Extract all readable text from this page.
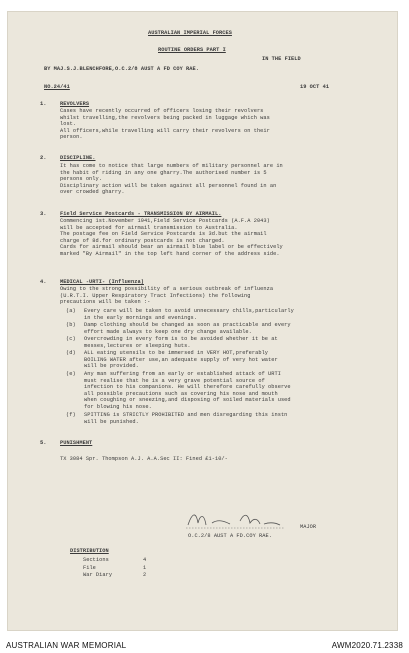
AUSTRALIAN IMPERIAL FORCES
ROUTINE ORDERS PART I
IN THE FIELD
BY MAJ.S.J.BLENCHFORE,O.C.2/8 AUST A FD COY RAE.
NO.24/41	19 OCT 41
1.	REVOLVERS
Cases have recently occurred of officers losing their revolvers
whilst travelling,the revolvers being packed in luggage which was
lost.
All officers,while travelling will carry their revolvers on their
person.
2.	DISCIPLINE.
It has come to notice that large numbers of military personnel are in
the habit of riding in any one gharry.The authorised number is 5
persons only.
Disciplinary action will be taken against all personnel found in an
over crowded gharry.
3.	Field Service Postcards - TRANSMISSION BY AIRMAIL.
Commencing 1st.November 1941,Field Service Postcards (A.F.A 2043)
will be accepted for airmail transmission to Australia.
The postage fee on Field Service Postcards is 3d.but the airmail
charge of 8d.for ordinary postcards is not charged.
Cards for airmail should bear an airmail blue label or be effectively
marked "By Airmail" in the top left hand corner of the address side.
4.	MEDICAL -URTI- (Influenza)
Owing to the strong possibility of a serious outbreak of influenza
(U.R.T.I. Upper Respiratory Tract Infections) the following
precautions will be taken :-
(a) Every care will be taken to avoid unnecessary chills,particularly
in the early mornings and evenings.
(b) Damp clothing should be changed as soon as practicable and every
effort made always to keep one dry change available.
(c) Overcrowding in every form is to be avoided whether it be at
messes,lectures or sleeping huts.
(d) ALL eating utensils to be immersed in VERY HOT,preferably
BOILING WATER after use,an adequate supply of very hot water
will be provided.
(e) Any man suffering from an early or established attack of URTI
must realise that he is a very grave potential source of
infection to his companions. He will therefore carefully observe
all possible precautions such as covering his nose and mouth
when coughing or sneezing,and disposing of soiled materials used
for blowing his nose.
(f) SPITTING is STRICTLY PROHIBITED and men disregarding this instn
will be punished.
5.	PUNISHMENT
TX 3084 Spr. Thompson A.J. A.A.Sec II: Fined £1-10/-
MAJOR
O.C.2/8 AUST A FD.COY RAE.
DISTRIBUTION
Sections	4
File	1
War Diary	2
AUSTRALIAN WAR MEMORIAL	AWM2020.71.2338
